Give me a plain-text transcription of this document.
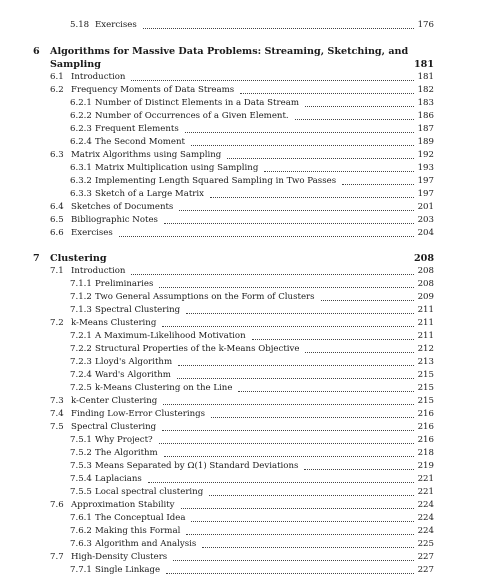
5.18 Exercises	176
6	Algorithms for Massive Data Problems: Streaming, Sketching, and
Sampling	181
6.1 Introduction	181
6.2 Frequency Moments of Data Streams	182
6.2.1 Number of Distinct Elements in a Data Stream	183
6.2.2 Number of Occurrences of a Given Element.	186
6.2.3 Frequent Elements	187
6.2.4 The Second Moment	189
6.3 Matrix Algorithms using Sampling	192
6.3.1 Matrix Multiplication using Sampling	193
6.3.2 Implementing Length Squared Sampling in Two Passes	197
6.3.3 Sketch of a Large Matrix	197
6.4 Sketches of Documents	201
6.5 Bibliographic Notes	203
6.6 Exercises	204
7	Clustering	208
7.1 Introduction	208
7.1.1 Preliminaries	208
7.1.2 Two General Assumptions on the Form of Clusters	209
7.1.3 Spectral Clustering	211
7.2 k-Means Clustering	211
7.2.1 A Maximum-Likelihood Motivation	211
7.2.2 Structural Properties of the k-Means Objective	212
7.2.3 Lloyd's Algorithm	213
7.2.4 Ward's Algorithm	215
7.2.5 k-Means Clustering on the Line	215
7.3 k-Center Clustering	215
7.4 Finding Low-Error Clusterings	216
7.5 Spectral Clustering	216
7.5.1 Why Project?	216
7.5.2 The Algorithm	218
7.5.3 Means Separated by Ω(1) Standard Deviations	219
7.5.4 Laplacians	221
7.5.5 Local spectral clustering	221
7.6 Approximation Stability	224
7.6.1 The Conceptual Idea	224
7.6.2 Making this Formal	224
7.6.3 Algorithm and Analysis	225
7.7 High-Density Clusters	227
7.7.1 Single Linkage	227
